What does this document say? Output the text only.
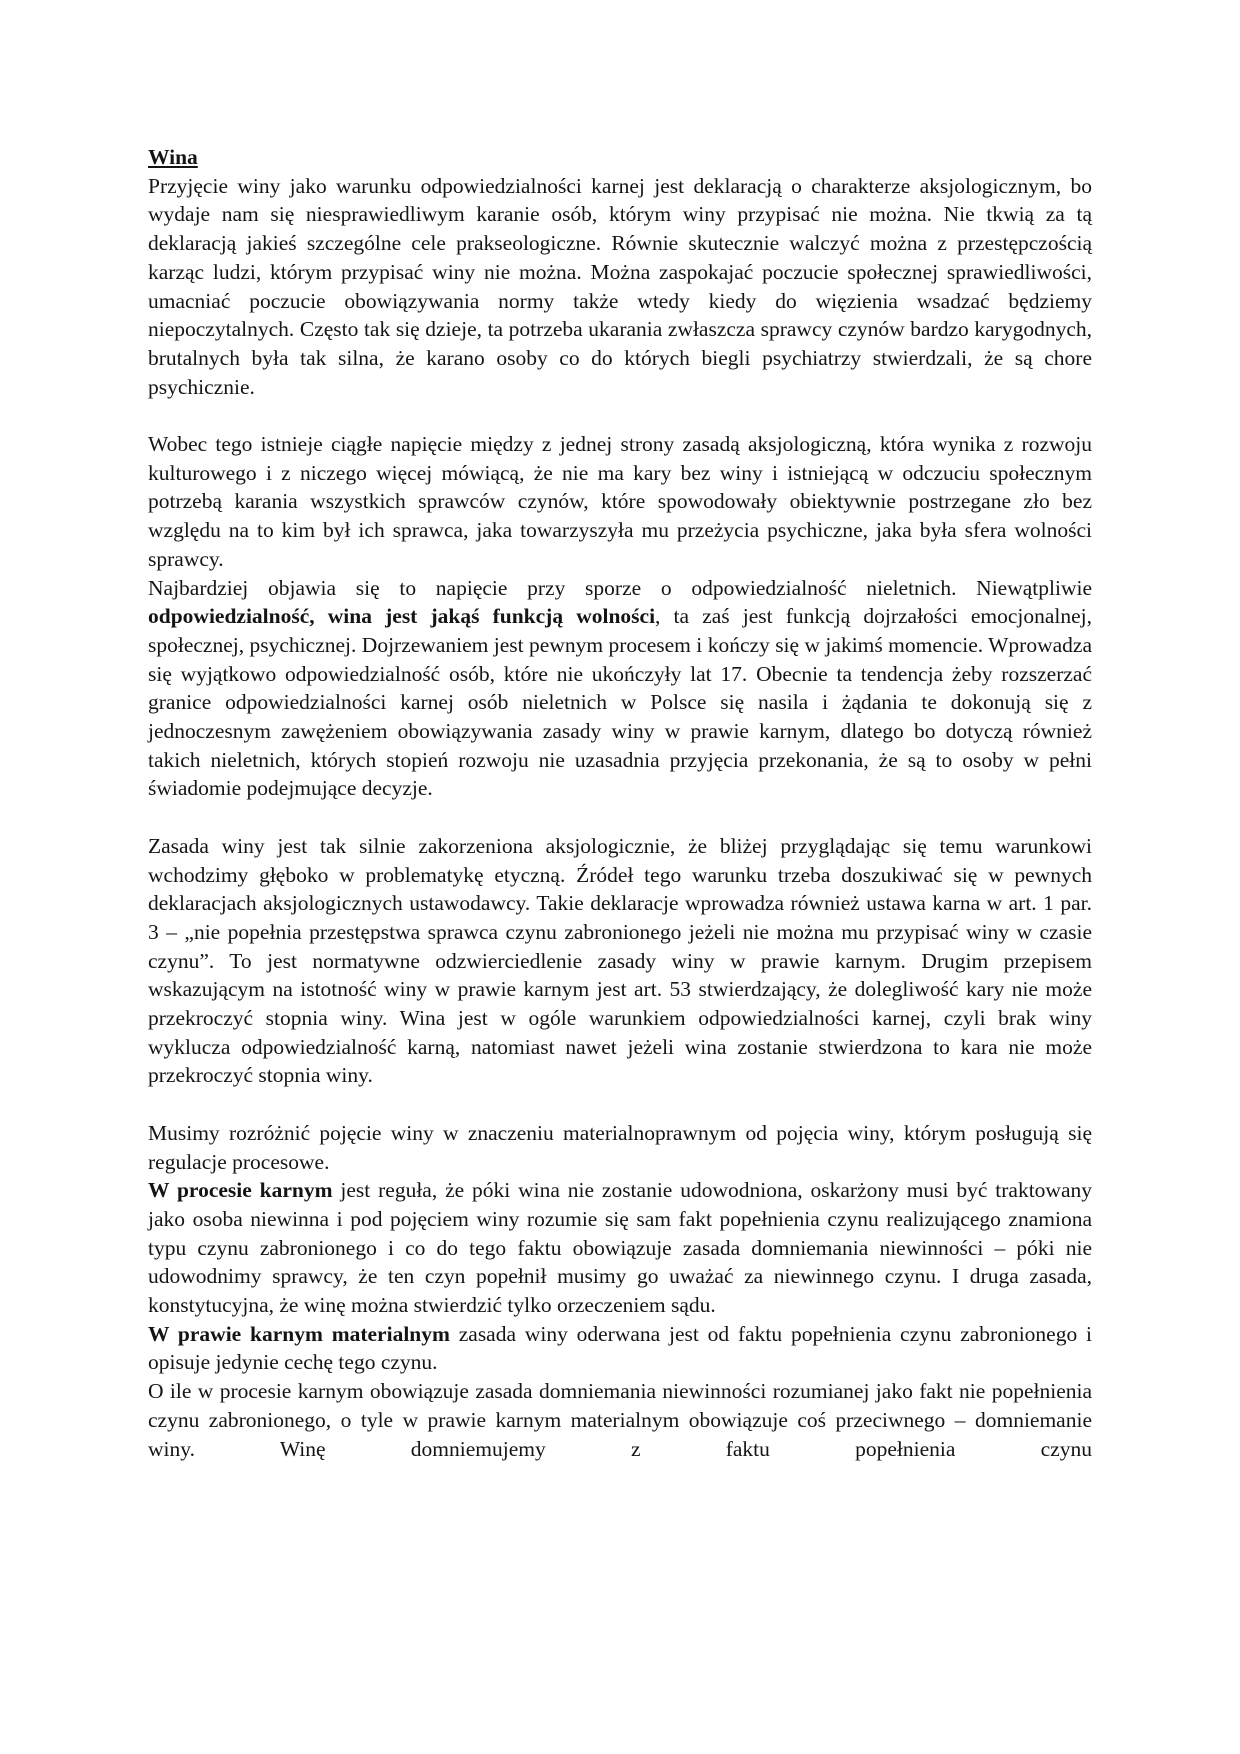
Wina

Przyjęcie winy jako warunku odpowiedzialności karnej jest deklaracją o charakterze aksjologicznym, bo wydaje nam się niesprawiedliwym karanie osób, którym winy przypisać nie można. Nie tkwią za tą deklaracją jakieś szczególne cele prakseologiczne. Równie skutecznie walczyć można z przestępczością karząc ludzi, którym przypisać winy nie można. Można zaspokajać poczucie społecznej sprawiedliwości, umacniać poczucie obowiązywania normy także wtedy kiedy do więzienia wsadzać będziemy niepoczytalnych. Często tak się dzieje, ta potrzeba ukarania zwłaszcza sprawcy czynów bardzo karygodnych, brutalnych była tak silna, że karano osoby co do których biegli psychiatrzy stwierdzali, że są chore psychicznie.

Wobec tego istnieje ciągłe napięcie między z jednej strony zasadą aksjologiczną, która wynika z rozwoju kulturowego i z niczego więcej mówiącą, że nie ma kary bez winy i istniejącą w odczuciu społecznym potrzebą karania wszystkich sprawców czynów, które spowodowały obiektywnie postrzegane zło bez względu na to kim był ich sprawca, jaka towarzyszyła mu przeżycia psychiczne, jaka była sfera wolności sprawcy.

Najbardziej objawia się to napięcie przy sporze o odpowiedzialność nieletnich. Niewątpliwie odpowiedzialność, wina jest jakąś funkcją wolności, ta zaś jest funkcją dojrzałości emocjonalnej, społecznej, psychicznej. Dojrzewaniem jest pewnym procesem i kończy się w jakimś momencie. Wprowadza się wyjątkowo odpowiedzialność osób, które nie ukończyły lat 17. Obecnie ta tendencja żeby rozszerzać granice odpowiedzialności karnej osób nieletnich w Polsce się nasila i żądania te dokonują się z jednoczesnym zawężeniem obowiązywania zasady winy w prawie karnym, dlatego bo dotyczą również takich nieletnich, których stopień rozwoju nie uzasadnia przyjęcia przekonania, że są to osoby w pełni świadomie podejmujące decyzje.

Zasada winy jest tak silnie zakorzeniona aksjologicznie, że bliżej przyglądając się temu warunkowi wchodzimy głęboko w problematykę etyczną. Źródeł tego warunku trzeba doszukiwać się w pewnych deklaracjach aksjologicznych ustawodawcy. Takie deklaracje wprowadza również ustawa karna w art. 1 par. 3 – „nie popełnia przestępstwa sprawca czynu zabronionego jeżeli nie można mu przypisać winy w czasie czynu”. To jest normatywne odzwierciedlenie zasady winy w prawie karnym. Drugim przepisem wskazującym na istotność winy w prawie karnym jest art. 53 stwierdzający, że dolegliwość kary nie może przekroczyć stopnia winy. Wina jest w ogóle warunkiem odpowiedzialności karnej, czyli brak winy wyklucza odpowiedzialność karną, natomiast nawet jeżeli wina zostanie stwierdzona to kara nie może przekroczyć stopnia winy.

Musimy rozróżnić pojęcie winy w znaczeniu materialnoprawnym od pojęcia winy, którym posługują się regulacje procesowe.

W procesie karnym jest reguła, że póki wina nie zostanie udowodniona, oskarżony musi być traktowany jako osoba niewinna i pod pojęciem winy rozumie się sam fakt popełnienia czynu realizującego znamiona typu czynu zabronionego i co do tego faktu obowiązuje zasada domniemania niewinności – póki nie udowodnimy sprawcy, że ten czyn popełnił musimy go uważać za niewinnego czynu. I druga zasada, konstytucyjna, że winę można stwierdzić tylko orzeczeniem sądu.

W prawie karnym materialnym zasada winy oderwana jest od faktu popełnienia czynu zabronionego i opisuje jedynie cechę tego czynu.

O ile w procesie karnym obowiązuje zasada domniemania niewinności rozumianej jako fakt nie popełnienia czynu zabronionego, o tyle w prawie karnym materialnym obowiązuje coś przeciwnego – domniemanie winy. Winę domniemujemy z faktu popełnienia czynu
